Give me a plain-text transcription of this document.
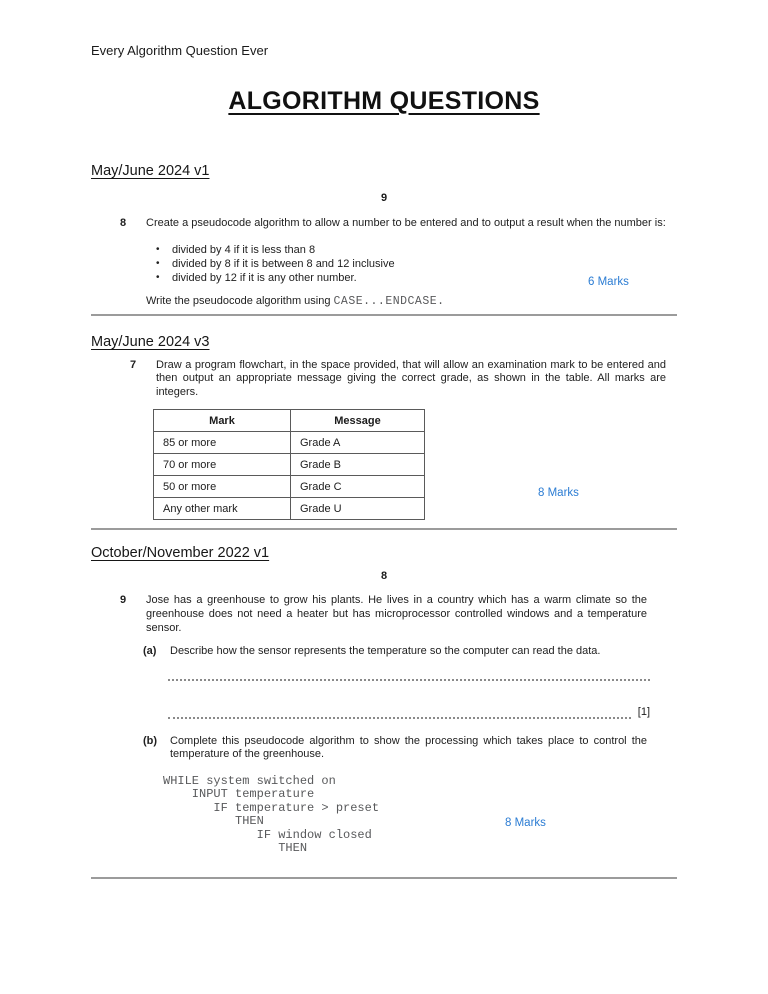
Every Algorithm Question Ever
ALGORITHM QUESTIONS
May/June 2024 v1
9
8	Create a pseudocode algorithm to allow a number to be entered and to output a result when the number is:
•	divided by 4 if it is less than 8
•	divided by 8 if it is between 8 and 12 inclusive
•	divided by 12 if it is any other number.
Write the pseudocode algorithm using CASE...ENDCASE.
6 Marks
May/June 2024 v3
7	Draw a program flowchart, in the space provided, that will allow an examination mark to be entered and then output an appropriate message giving the correct grade, as shown in the table. All marks are integers.
Mark	Message
85 or more	Grade A
70 or more	Grade B
50 or more	Grade C
Any other mark	Grade U
8 Marks
October/November 2022 v1
8
9	Jose has a greenhouse to grow his plants. He lives in a country which has a warm climate so the greenhouse does not need a heater but has microprocessor controlled windows and a temperature sensor.
(a)	Describe how the sensor represents the temperature so the computer can read the data.
[1]
(b)	Complete this pseudocode algorithm to show the processing which takes place to control the temperature of the greenhouse.
WHILE system switched on
INPUT temperature
IF temperature > preset
THEN
IF window closed
THEN
8 Marks
